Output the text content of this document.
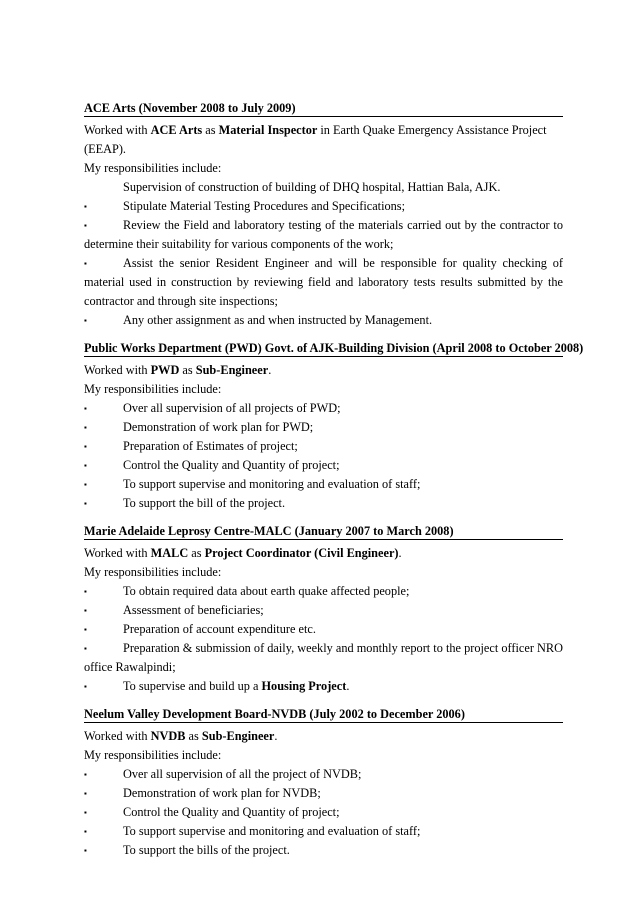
ACE Arts (November 2008 to July 2009)

Worked with ACE Arts as Material Inspector in Earth Quake Emergency Assistance Project (EEAP).

My responsibilities include:

Supervision of construction of building of DHQ hospital, Hattian Bala, AJK.

▪	Stipulate Material Testing Procedures and Specifications;

▪	Review the Field and laboratory testing of the materials carried out by the contractor to determine their suitability for various components of the work;

▪	Assist the senior Resident Engineer and will be responsible for quality checking of material used in construction by reviewing field and laboratory tests results submitted by the contractor and through site inspections;

▪	Any other assignment as and when instructed by Management.

Public Works Department (PWD) Govt. of AJK-Building Division (April 2008 to October 2008)

Worked with PWD as Sub-Engineer.

My responsibilities include:

▪	Over all supervision of all projects of PWD;

▪	Demonstration of work plan for PWD;

▪	Preparation of Estimates of project;

▪	Control the Quality and Quantity of project;

▪	To support supervise and monitoring and evaluation of staff;

▪	To support the bill of the project.

Marie Adelaide Leprosy Centre-MALC (January 2007 to March 2008)

Worked with MALC as Project Coordinator (Civil Engineer).

My responsibilities include:

▪	To obtain required data about earth quake affected people;

▪	Assessment of beneficiaries;

▪	Preparation of account expenditure etc.

▪	Preparation & submission of daily, weekly and monthly report to the project officer NRO office Rawalpindi;

▪	To supervise and build up a Housing Project.

Neelum Valley Development Board-NVDB (July 2002 to December 2006)

Worked with NVDB as Sub-Engineer.

My responsibilities include:

▪	Over all supervision of all the project of NVDB;

▪	Demonstration of work plan for NVDB;

▪	Control the Quality and Quantity of project;

▪	To support supervise and monitoring and evaluation of staff;

▪	To support the bills of the project.
